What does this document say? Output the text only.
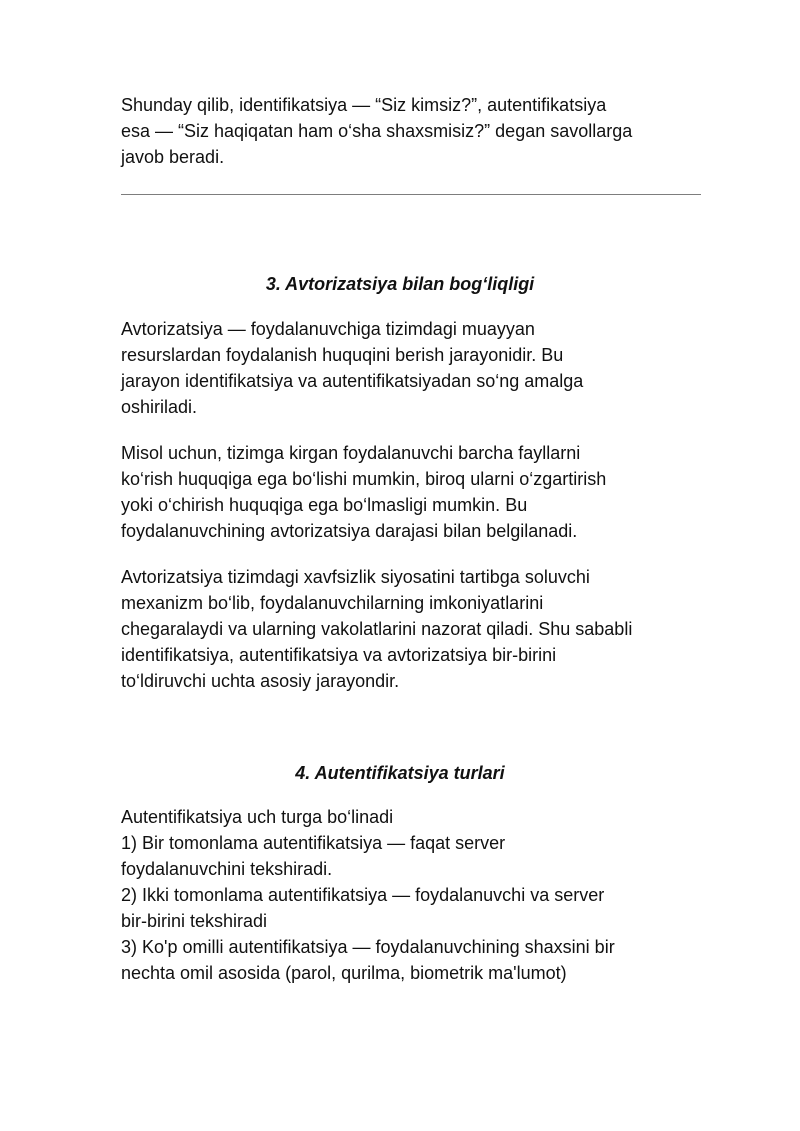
Shunday qilib, identifikatsiya — “Siz kimsiz?”, autentifikatsiya
esa — “Siz haqiqatan ham o‘sha shaxsmisiz?” degan savollarga
javob beradi.
3. Avtorizatsiya bilan bog‘liqligi
Avtorizatsiya — foydalanuvchiga tizimdagi muayyan
resurslardan foydalanish huquqini berish jarayonidir. Bu
jarayon identifikatsiya va autentifikatsiyadan so‘ng amalga
oshiriladi.
Misol uchun, tizimga kirgan foydalanuvchi barcha fayllarni
ko‘rish huquqiga ega bo‘lishi mumkin, biroq ularni o‘zgartirish
yoki o‘chirish huquqiga ega bo‘lmasligi mumkin. Bu
foydalanuvchining avtorizatsiya darajasi bilan belgilanadi.
Avtorizatsiya tizimdagi xavfsizlik siyosatini tartibga soluvchi
mexanizm bo‘lib, foydalanuvchilarning imkoniyatlarini
chegaralaydi va ularning vakolatlarini nazorat qiladi. Shu sababli
identifikatsiya, autentifikatsiya va avtorizatsiya bir-birini
to‘ldiruvchi uchta asosiy jarayondir.
4. Autentifikatsiya turlari
Autentifikatsiya uch turga bo‘linadi
1) Bir tomonlama autentifikatsiya — faqat server
foydalanuvchini tekshiradi.
2) Ikki tomonlama autentifikatsiya — foydalanuvchi va server
bir-birini tekshiradi
3) Ko'p omilli autentifikatsiya — foydalanuvchining shaxsini bir
nechta omil asosida (parol, qurilma, biometrik ma'lumot)
